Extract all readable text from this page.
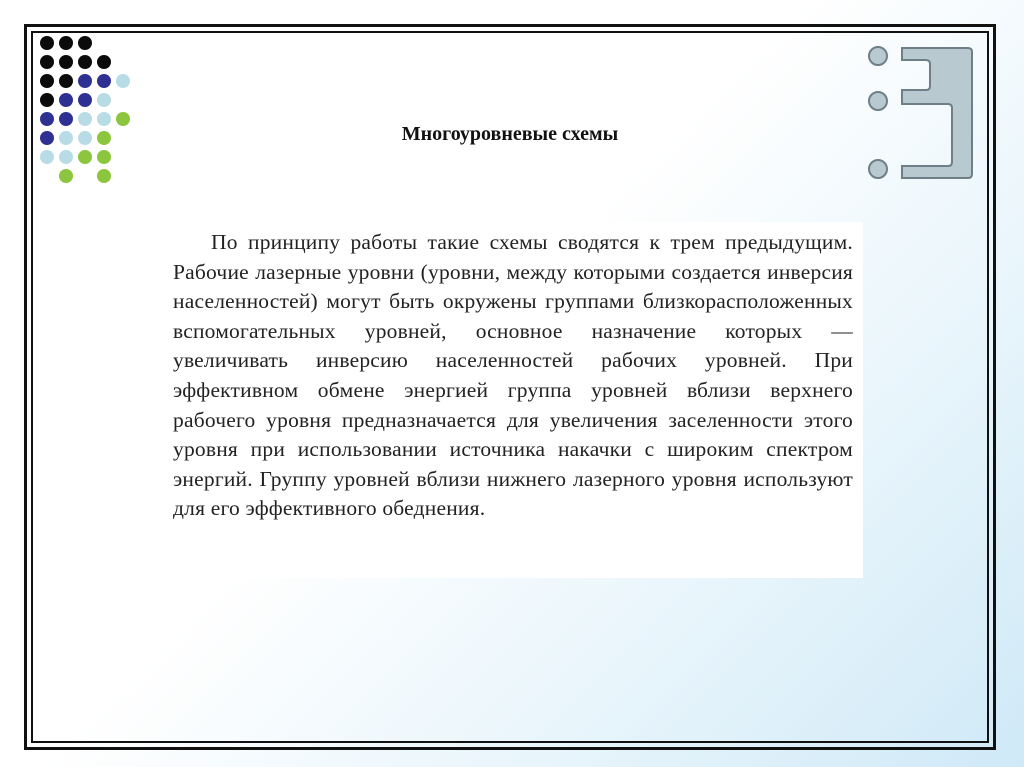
Многоуровневые схемы
По принципу работы такие схемы сводятся к трем предыдущим. Рабочие лазерные уровни (уровни, между которыми создается инверсия населенностей) могут быть окружены группами близкорасположенных вспомогательных уровней, основное назначение которых — увеличивать инверсию населенностей рабочих уровней. При эффективном обмене энергией группа уровней вблизи верхнего рабочего уровня предназначается для увеличения заселенности этого уровня при использовании источника накачки с широким спектром энергий. Группу уровней вблизи нижнего лазерного уровня используют для его эффективного обеднения.
